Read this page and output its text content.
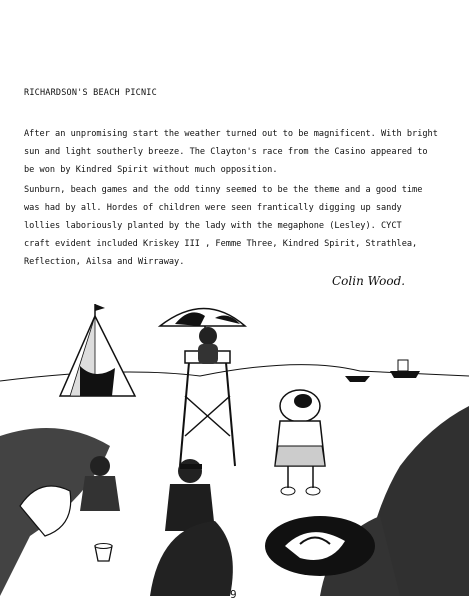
RICHARDSON'S BEACH PICNIC
After an unpromising start the weather turned out to be magnificent. With bright
sun and light southerly breeze. The Clayton's race from the Casino appeared to
be won by Kindred Spirit without much opposition.
Sunburn, beach games and the odd tinny seemed to be the theme and a good time
was had by all. Hordes of children were seen frantically digging up sandy
lollies laboriously planted by the lady with the megaphone (Lesley). CYCT
craft evident included Kriskey III , Femme Three, Kindred Spirit, Strathlea,
Reflection, Ailsa and Wirraway.
Colin Wood.
9
